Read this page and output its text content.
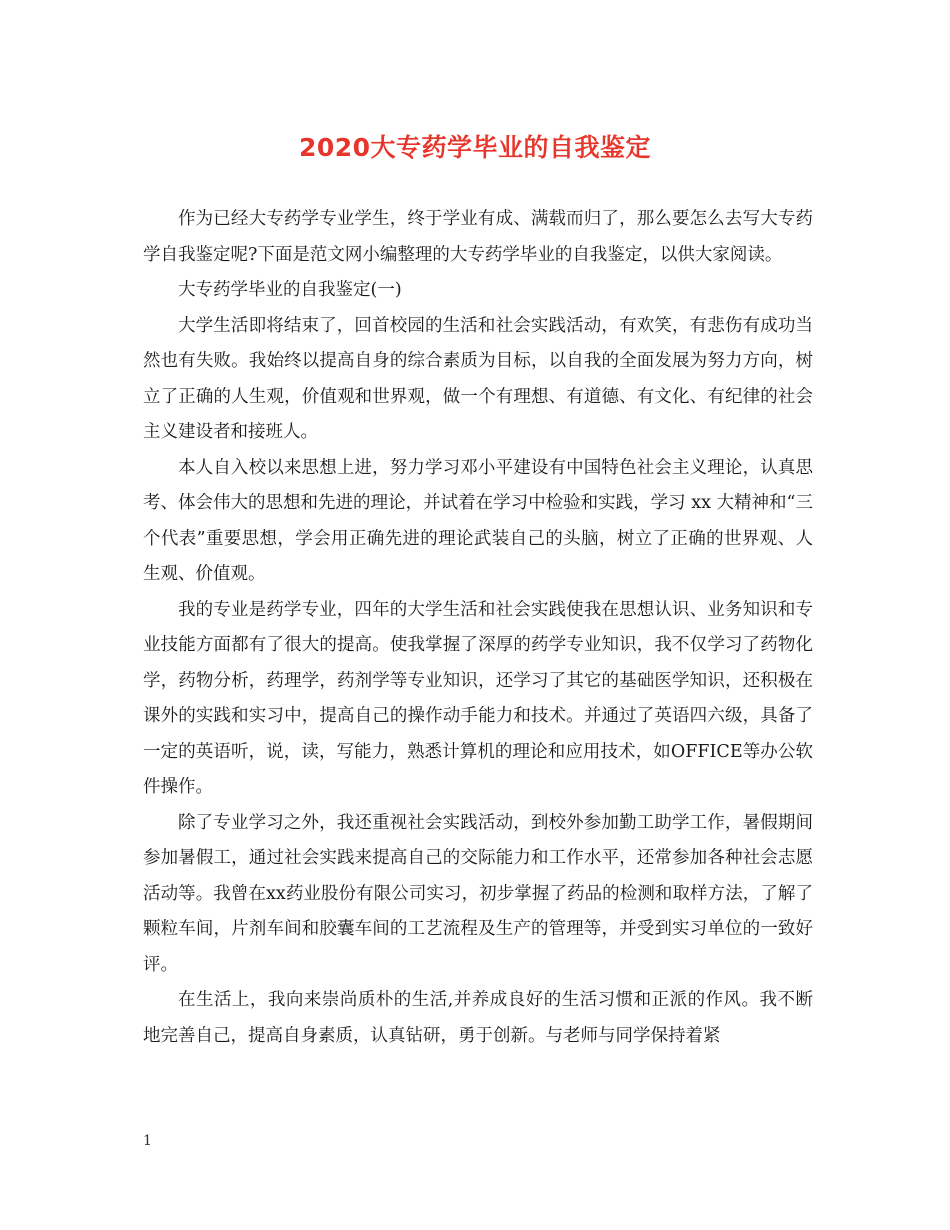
2020大专药学毕业的自我鉴定

作为已经大专药学专业学生，终于学业有成、满载而归了，那么要怎么去写大专药学自我鉴定呢?下面是范文网小编整理的大专药学毕业的自我鉴定，以供大家阅读。

大专药学毕业的自我鉴定(一)

大学生活即将结束了，回首校园的生活和社会实践活动，有欢笑，有悲伤有成功当然也有失败。我始终以提高自身的综合素质为目标，以自我的全面发展为努力方向，树立了正确的人生观，价值观和世界观，做一个有理想、有道德、有文化、有纪律的社会主义建设者和接班人。

本人自入校以来思想上进，努力学习邓小平建设有中国特色社会主义理论，认真思考、体会伟大的思想和先进的理论，并试着在学习中检验和实践，学习 xx 大精神和“三个代表”重要思想，学会用正确先进的理论武装自己的头脑，树立了正确的世界观、人生观、价值观。

我的专业是药学专业，四年的大学生活和社会实践使我在思想认识、业务知识和专业技能方面都有了很大的提高。使我掌握了深厚的药学专业知识，我不仅学习了药物化学，药物分析，药理学，药剂学等专业知识，还学习了其它的基础医学知识，还积极在课外的实践和实习中，提高自己的操作动手能力和技术。并通过了英语四六级，具备了一定的英语听，说，读，写能力，熟悉计算机的理论和应用技术，如OFFICE等办公软件操作。

除了专业学习之外，我还重视社会实践活动，到校外参加勤工助学工作，暑假期间参加暑假工，通过社会实践来提高自己的交际能力和工作水平，还常参加各种社会志愿活动等。我曾在xx药业股份有限公司实习，初步掌握了药品的检测和取样方法，了解了颗粒车间，片剂车间和胶囊车间的工艺流程及生产的管理等，并受到实习单位的一致好评。

在生活上，我向来崇尚质朴的生活,并养成良好的生活习惯和正派的作风。我不断地完善自己，提高自身素质，认真钻研，勇于创新。与老师与同学保持着紧

1
